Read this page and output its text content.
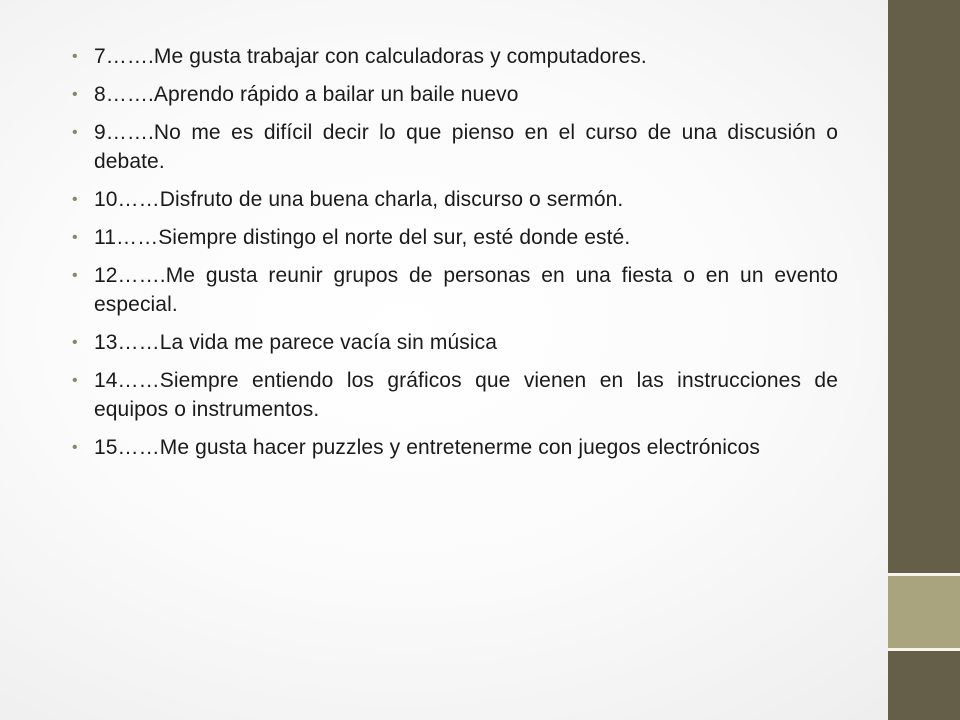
• 7…….Me gusta trabajar con calculadoras y computadores.
• 8…….Aprendo rápido a bailar un baile nuevo
• 9…….No me es difícil decir lo que pienso en el curso de una discusión o debate.
• 10……Disfruto de una buena charla, discurso o sermón.
• 11……Siempre distingo el norte del sur, esté donde esté.
• 12…….Me gusta reunir grupos de personas en una fiesta o en un evento especial.
• 13……La vida me parece vacía sin música
• 14……Siempre entiendo los gráficos que vienen en las instrucciones de equipos o instrumentos.
• 15……Me gusta hacer puzzles y entretenerme con juegos electrónicos
